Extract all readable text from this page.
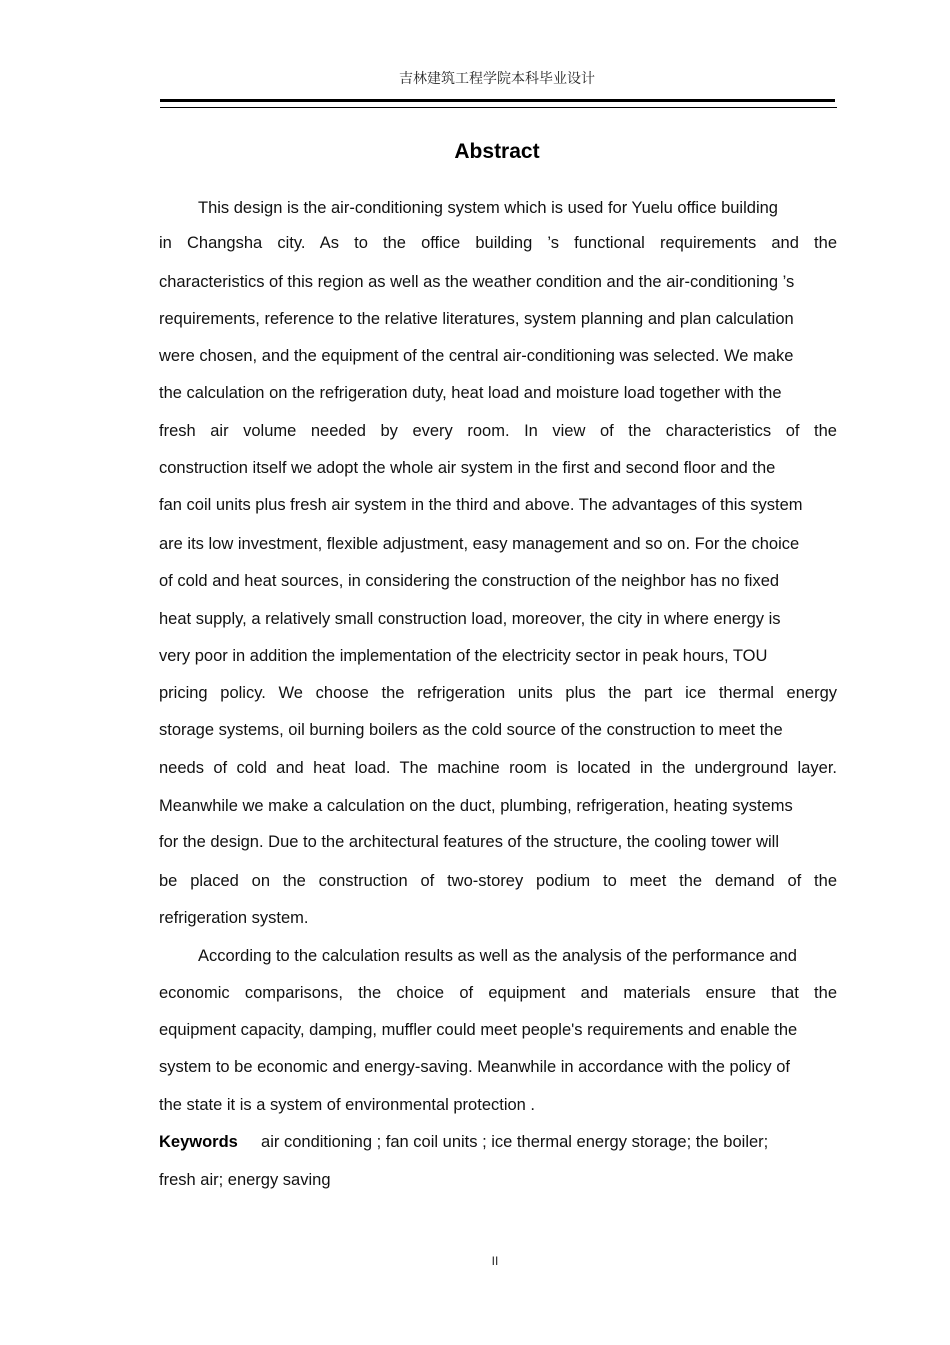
吉林建筑工程学院本科毕业设计
Abstract
This design is the air-conditioning system which is used for Yuelu office building
in Changsha city. As to the office building ’s functional requirements and the
characteristics of this region as well as the weather condition and the air-conditioning ’s
requirements, reference to the relative literatures, system planning and plan calculation
were chosen, and the equipment of the central air-conditioning was selected. We make
the calculation on the refrigeration duty, heat load and moisture load together with the
fresh air volume needed by every room. In view of the characteristics of the
construction itself we adopt the whole air system in the first and second floor and the
fan coil units plus fresh air system in the third and above. The advantages of this system
are its low investment, flexible adjustment, easy management and so on. For the choice
of cold and heat sources, in considering the construction of the neighbor has no fixed
heat supply, a relatively small construction load, moreover, the city in where energy is
very poor in addition the implementation of the electricity sector in peak hours, TOU
pricing policy. We choose the refrigeration units plus the part ice thermal energy
storage systems, oil burning boilers as the cold source of the construction to meet the
needs of cold and heat load. The machine room is located in the underground layer.
Meanwhile we make a calculation on the duct, plumbing, refrigeration, heating systems
for the design. Due to the architectural features of the structure, the cooling tower will
be placed on the construction of two-storey podium to meet the demand of the
refrigeration system.
According to the calculation results as well as the analysis of the performance and
economic comparisons, the choice of equipment and materials ensure that the
equipment capacity, damping, muffler could meet people's requirements and enable the
system to be economic and energy-saving. Meanwhile in accordance with the policy of
the state it is a system of environmental protection .
Keywords air conditioning ; fan coil units ; ice thermal energy storage; the boiler;
fresh air; energy saving
II
